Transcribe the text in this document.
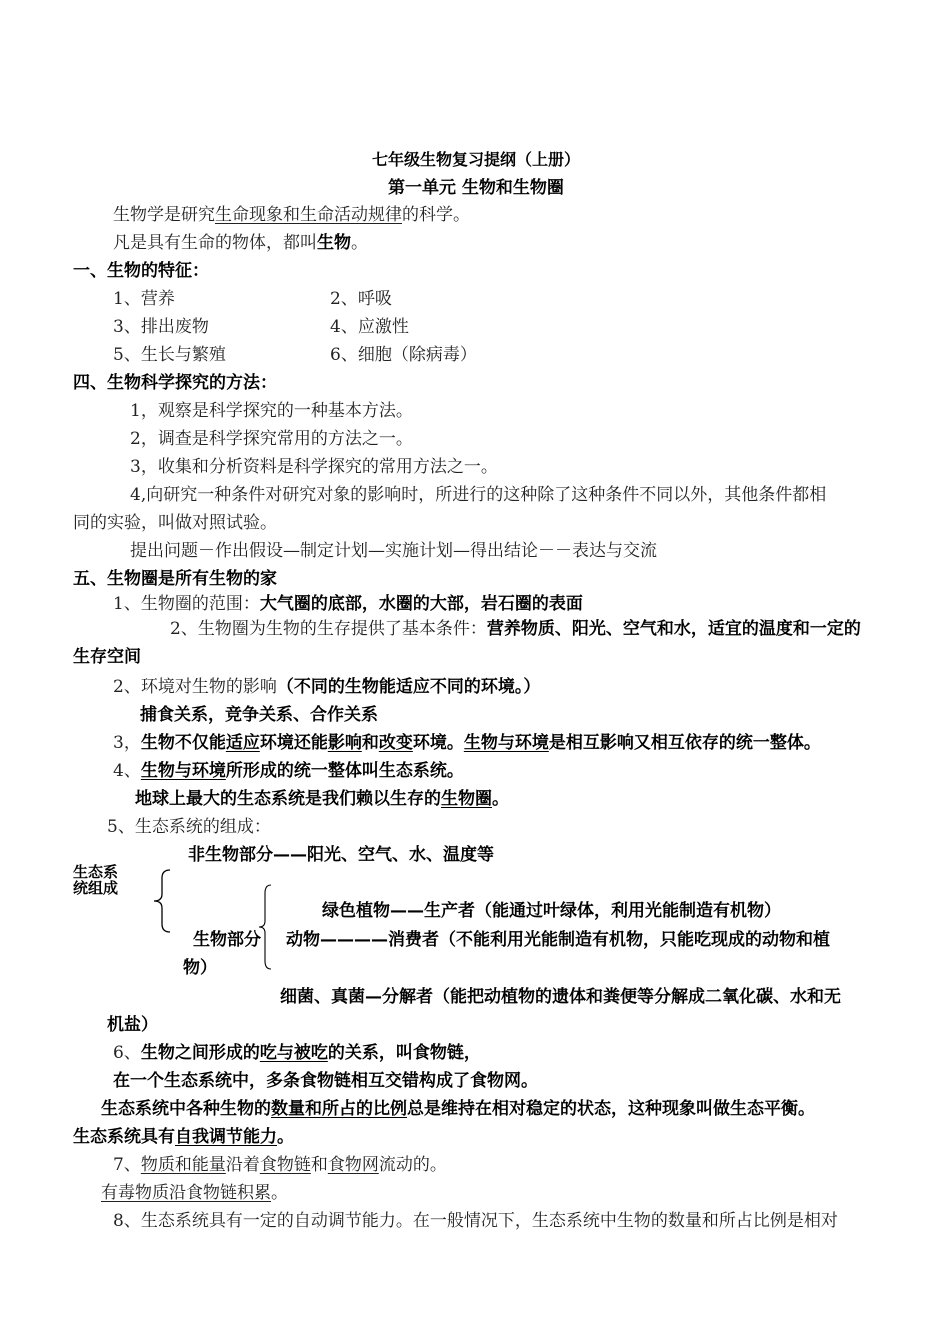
七年级生物复习提纲（上册）
第一单元 生物和生物圈
生物学是研究生命现象和生命活动规律的科学。
凡是具有生命的物体，都叫生物。
一、生物的特征：
1、营养	2、呼吸
3、排出废物	4、应激性
5、生长与繁殖	6、细胞（除病毒）
四、生物科学探究的方法：
1，观察是科学探究的一种基本方法。
2，调查是科学探究常用的方法之一。
3，收集和分析资料是科学探究的常用方法之一。
4,向研究一种条件对研究对象的影响时，所进行的这种除了这种条件不同以外，其他条件都相
同的实验，叫做对照试验。
提出问题－作出假设—制定计划—实施计划—得出结论－－表达与交流
五、生物圈是所有生物的家
1、生物圈的范围：大气圈的底部，水圈的大部，岩石圈的表面
2、生物圈为生物的生存提供了基本条件：营养物质、阳光、空气和水，适宜的温度和一定的
生存空间
2、环境对生物的影响（不同的生物能适应不同的环境。）
捕食关系，竞争关系、合作关系
3，生物不仅能适应环境还能影响和改变环境。生物与环境是相互影响又相互依存的统一整体。
4、生物与环境所形成的统一整体叫生态系统。
地球上最大的生态系统是我们赖以生存的生物圈。
5、生态系统的组成：
非生物部分——阳光、空气、水、温度等
生态系
统组成
绿色植物——生产者（能通过叶绿体，利用光能制造有机物）
生物部分 动物————消费者（不能利用光能制造有机物，只能吃现成的动物和植
物）
细菌、真菌—分解者（能把动植物的遗体和粪便等分解成二氧化碳、水和无
机盐）
6、生物之间形成的吃与被吃的关系，叫食物链，
在一个生态系统中，多条食物链相互交错构成了食物网。
生态系统中各种生物的数量和所占的比例总是维持在相对稳定的状态，这种现象叫做生态平衡。
生态系统具有自我调节能力。
7、物质和能量沿着食物链和食物网流动的。
有毒物质沿食物链积累。
8、生态系统具有一定的自动调节能力。在一般情况下，生态系统中生物的数量和所占比例是相对
